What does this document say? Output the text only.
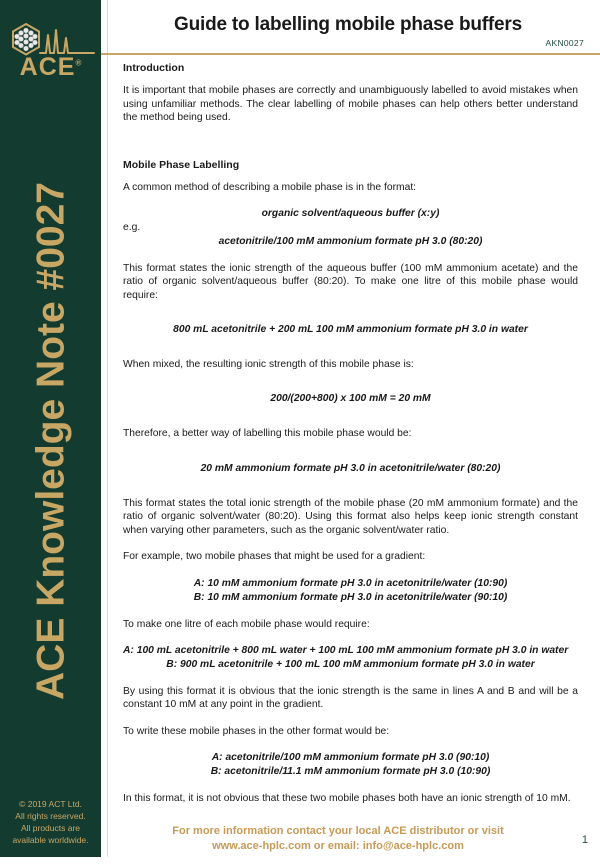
ACE®
ACE Knowledge Note #0027
© 2019 ACT Ltd.
All rights reserved.
All products are
available worldwide.
Guide to labelling mobile phase buffers
AKN0027
Introduction

It is important that mobile phases are correctly and unambiguously labelled to avoid mistakes when using unfamiliar methods. The clear labelling of mobile phases can help others better understand the method being used.

Mobile Phase Labelling

A common method of describing a mobile phase is in the format:

organic solvent/aqueous buffer (x:y)

e.g.

acetonitrile/100 mM ammonium formate pH 3.0 (80:20)

This format states the ionic strength of the aqueous buffer (100 mM ammonium acetate) and the ratio of organic solvent/aqueous buffer (80:20). To make one litre of this mobile phase would require:

800 mL acetonitrile + 200 mL 100 mM ammonium formate pH 3.0 in water

When mixed, the resulting ionic strength of this mobile phase is:

200/(200+800) x 100 mM = 20 mM

Therefore, a better way of labelling this mobile phase would be:

20 mM ammonium formate pH 3.0 in acetonitrile/water (80:20)

This format states the total ionic strength of the mobile phase (20 mM ammonium formate) and the ratio of organic solvent/water (80:20). Using this format also helps keep ionic strength constant when varying other parameters, such as the organic solvent/water ratio.

For example, two mobile phases that might be used for a gradient:

A: 10 mM ammonium formate pH 3.0 in acetonitrile/water (10:90)

B: 10 mM ammonium formate pH 3.0 in acetonitrile/water (90:10)

To make one litre of each mobile phase would require:

A: 100 mL acetonitrile + 800 mL water + 100 mL 100 mM ammonium formate pH 3.0 in water

B: 900 mL acetonitrile + 100 mL 100 mM ammonium formate pH 3.0 in water

By using this format it is obvious that the ionic strength is the same in lines A and B and will be a constant 10 mM at any point in the gradient.

To write these mobile phases in the other format would be:

A: acetonitrile/100 mM ammonium formate pH 3.0 (90:10)

B: acetonitrile/11.1 mM ammonium formate pH 3.0 (10:90)

In this format, it is not obvious that these two mobile phases both have an ionic strength of 10 mM.

For more information contact your local ACE distributor or visit
www.ace-hplc.com or email: info@ace-hplc.com	1
